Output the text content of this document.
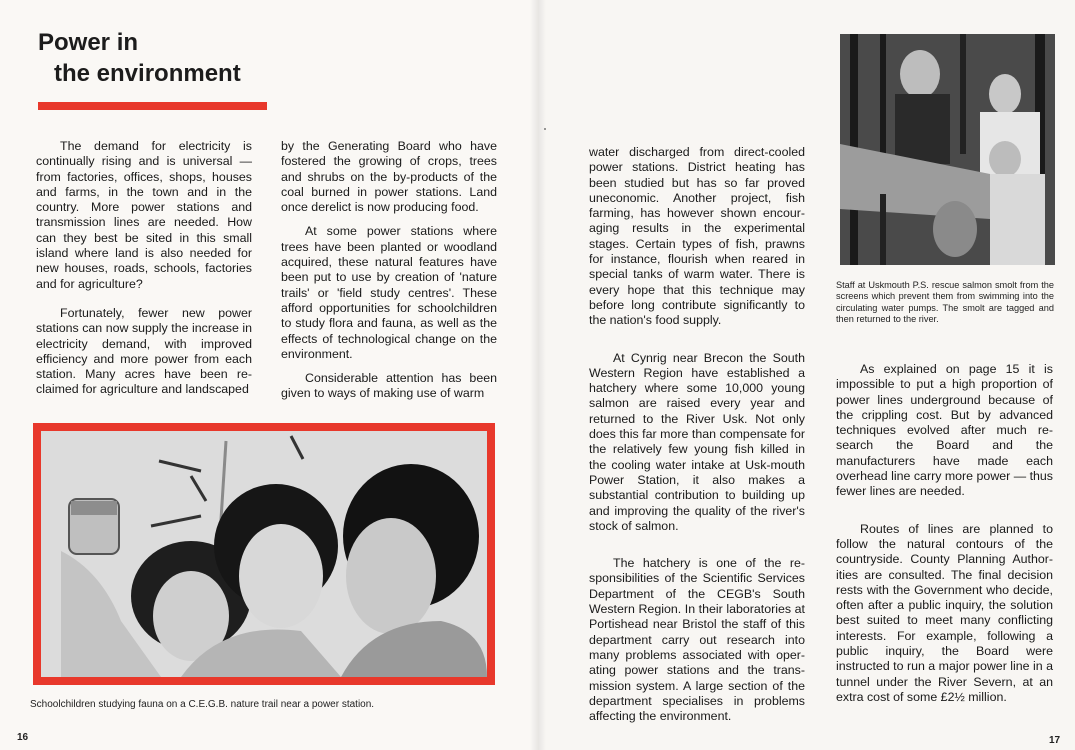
Power in
the environment

The demand for electricity is continually rising and is universal — from factories, offices, shops, houses and farms, in the town and in the country. More power stations and transmission lines are needed. How can they best be sited in this small island where land is also needed for new houses, roads, schools, factories and for agriculture?

Fortunately, fewer new power stations can now supply the increase in electricity demand, with improved efficiency and more power from each station. Many acres have been re-claimed for agriculture and landscaped

by the Generating Board who have fostered the growing of crops, trees and shrubs on the by-products of the coal burned in power stations. Land once derelict is now producing food.

At some power stations where trees have been planted or woodland acquired, these natural features have been put to use by creation of 'nature trails' or 'field study centres'. These afford opportunities for schoolchildren to study flora and fauna, as well as the effects of technological change on the environment.

Considerable attention has been given to ways of making use of warm

Schoolchildren studying fauna on a C.E.G.B. nature trail near a power station.

water discharged from direct-cooled power stations. District heating has been studied but has so far proved uneconomic. Another project, fish farming, has however shown encour-aging results in the experimental stages. Certain types of fish, prawns for instance, flourish when reared in special tanks of warm water. There is every hope that this technique may before long contribute significantly to the nation's food supply.

At Cynrig near Brecon the South Western Region have established a hatchery where some 10,000 young salmon are raised every year and returned to the River Usk. Not only does this far more than compensate for the relatively few young fish killed in the cooling water intake at Usk-mouth Power Station, it also makes a substantial contribution to building up and improving the quality of the river's stock of salmon.

The hatchery is one of the re-sponsibilities of the Scientific Services Department of the CEGB's South Western Region. In their laboratories at Portishead near Bristol the staff of this department carry out research into many problems associated with oper-ating power stations and the trans-mission system. A large section of the department specialises in problems affecting the environment.

Staff at Uskmouth P.S. rescue salmon smolt from the screens which prevent them from swimming into the circulating water pumps. The smolt are tagged and then returned to the river.

As explained on page 15 it is impossible to put a high proportion of power lines underground because of the crippling cost. But by advanced techniques evolved after much re-search the Board and the manufacturers have made each overhead line carry more power — thus fewer lines are needed.

Routes of lines are planned to follow the natural contours of the countryside. County Planning Author-ities are consulted. The final decision rests with the Government who decide, often after a public inquiry, the solution best suited to meet many conflicting interests. For example, following a public inquiry, the Board were instructed to run a major power line in a tunnel under the River Severn, at an extra cost of some £2½ million.

16	17
